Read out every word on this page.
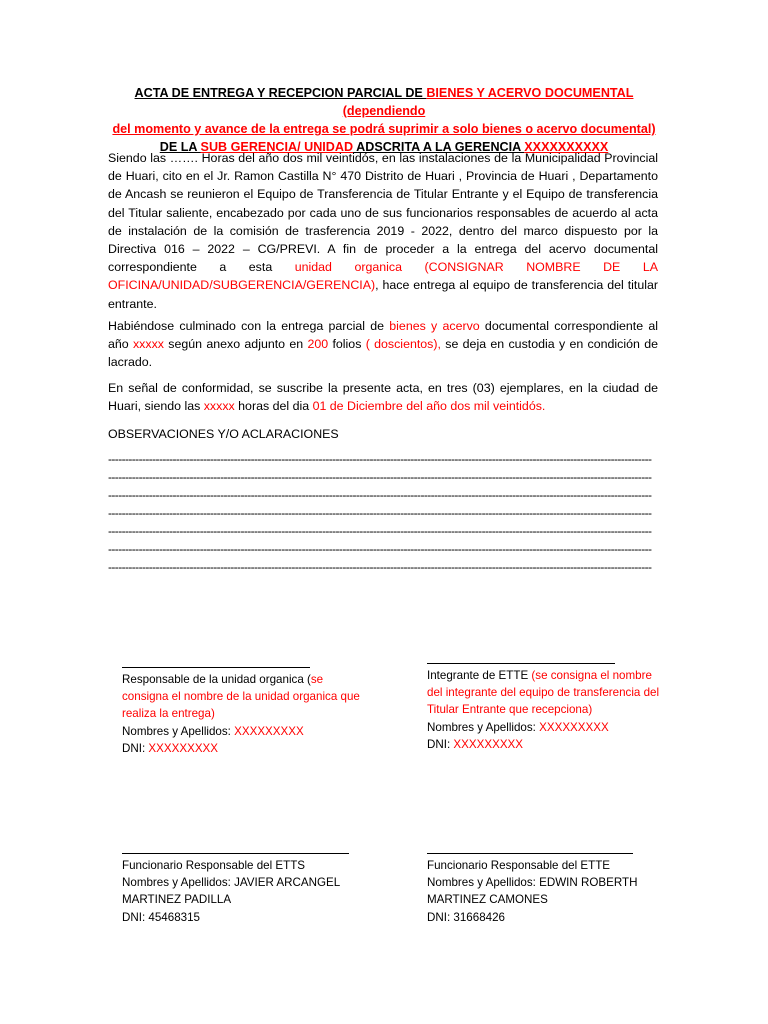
ACTA DE ENTREGA Y RECEPCION PARCIAL DE BIENES Y ACERVO DOCUMENTAL (dependiendo
del momento y avance de la entrega se podrá suprimir a solo bienes o acervo documental)
DE LA SUB GERENCIA/ UNIDAD ADSCRITA A LA GERENCIA XXXXXXXXXX
Siendo las ……. Horas del año dos mil veintidós, en las instalaciones de la Municipalidad Provincial de Huari, cito en el Jr. Ramon Castilla N° 470 Distrito de Huari , Provincia de Huari , Departamento de Ancash se reunieron el Equipo de Transferencia de Titular Entrante y el Equipo de transferencia del Titular saliente, encabezado por cada uno de sus funcionarios responsables de acuerdo al acta de instalación de la comisión de trasferencia 2019 - 2022, dentro del marco dispuesto por la Directiva 016 – 2022 – CG/PREVI. A fin de proceder a la entrega del acervo documental correspondiente a esta unidad organica (CONSIGNAR NOMBRE DE LA OFICINA/UNIDAD/SUBGERENCIA/GERENCIA), hace entrega al equipo de transferencia del titular entrante.
Habiéndose culminado con la entrega parcial de bienes y acervo documental correspondiente al año xxxxx según anexo adjunto en 200 folios ( doscientos), se deja en custodia y en condición de lacrado.
En señal de conformidad, se suscribe la presente acta, en tres (03) ejemplares, en la ciudad de Huari, siendo las xxxxx horas del dia 01 de Diciembre del año dos mil veintidós.
OBSERVACIONES Y/O ACLARACIONES
----------------------------------------------------------------------------------------------------------------------------------------------------------------
----------------------------------------------------------------------------------------------------------------------------------------------------------------
----------------------------------------------------------------------------------------------------------------------------------------------------------------
----------------------------------------------------------------------------------------------------------------------------------------------------------------
----------------------------------------------------------------------------------------------------------------------------------------------------------------
----------------------------------------------------------------------------------------------------------------------------------------------------------------
----------------------------------------------------------------------------------------------------------------------------------------------------------------
Responsable de la unidad organica (se consigna el nombre de la unidad organica que realiza la entrega)
Nombres y Apellidos: XXXXXXXXX
DNI: XXXXXXXXX
Integrante de ETTE (se consigna el nombre del integrante del equipo de transferencia del Titular Entrante que recepciona)
Nombres y Apellidos: XXXXXXXXX
DNI: XXXXXXXXX
Funcionario Responsable del ETTS
Nombres y Apellidos: JAVIER ARCANGEL MARTINEZ PADILLA
DNI: 45468315
Funcionario Responsable del ETTE
Nombres y Apellidos: EDWIN ROBERTH MARTINEZ CAMONES
DNI: 31668426
